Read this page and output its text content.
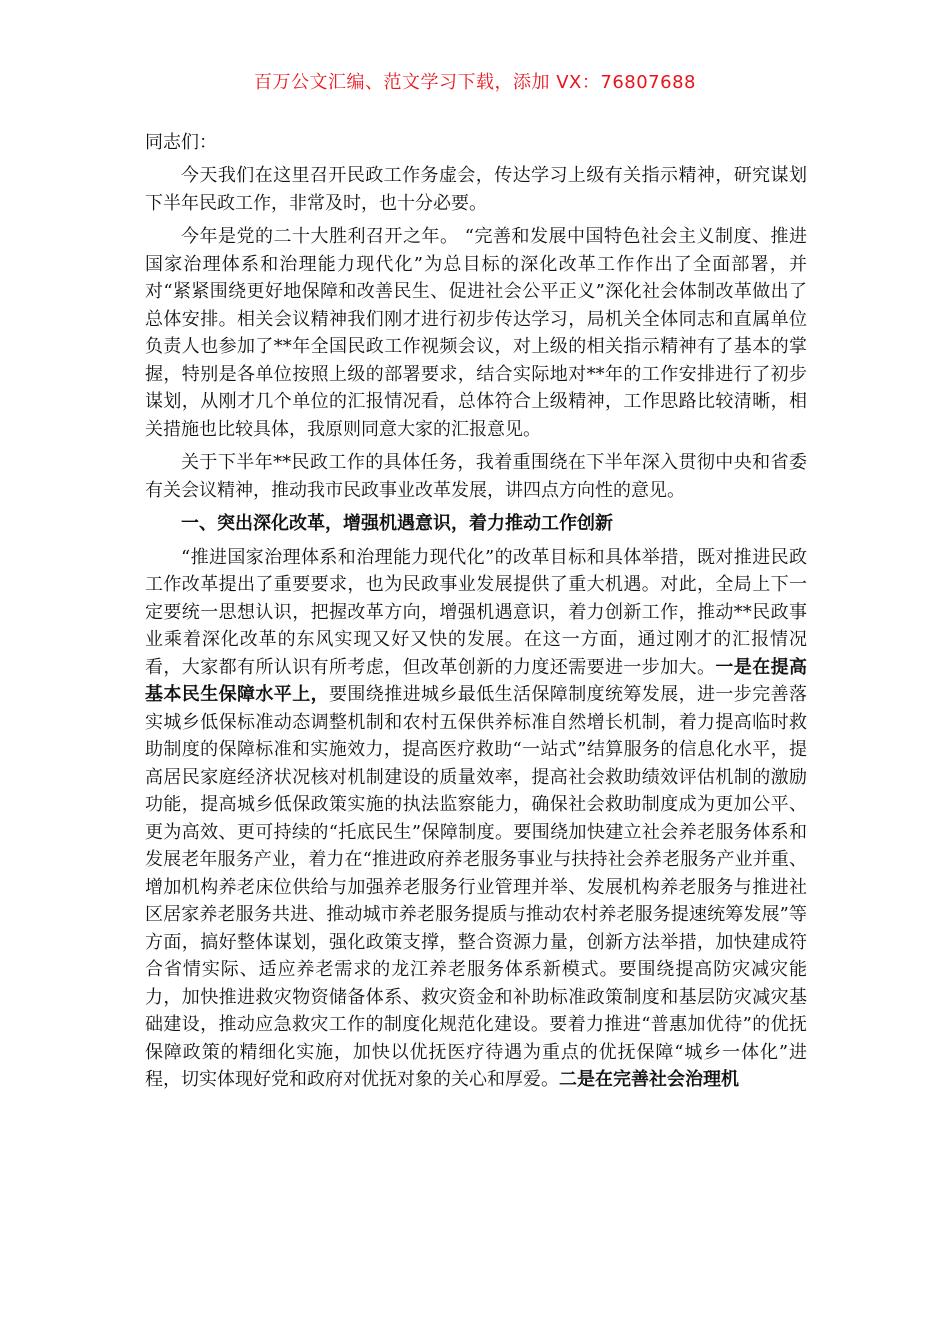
百万公文汇编、范文学习下载，添加 VX：76807688
同志们：

今天我们在这里召开民政工作务虚会，传达学习上级有关指示精神，研究谋划下半年民政工作，非常及时，也十分必要。

今年是党的二十大胜利召开之年。 “完善和发展中国特色社会主义制度、推进国家治理体系和治理能力现代化”为总目标的深化改革工作作出了全面部署，并对“紧紧围绕更好地保障和改善民生、促进社会公平正义”深化社会体制改革做出了总体安排。相关会议精神我们刚才进行初步传达学习，局机关全体同志和直属单位负责人也参加了**年全国民政工作视频会议，对上级的相关指示精神有了基本的掌握，特别是各单位按照上级的部署要求，结合实际地对**年的工作安排进行了初步谋划，从刚才几个单位的汇报情况看，总体符合上级精神，工作思路比较清晰，相关措施也比较具体，我原则同意大家的汇报意见。

关于下半年**民政工作的具体任务，我着重围绕在下半年深入贯彻中央和省委有关会议精神，推动我市民政事业改革发展，讲四点方向性的意见。

一、突出深化改革，增强机遇意识，着力推动工作创新

“推进国家治理体系和治理能力现代化”的改革目标和具体举措，既对推进民政工作改革提出了重要要求，也为民政事业发展提供了重大机遇。对此，全局上下一定要统一思想认识，把握改革方向，增强机遇意识，着力创新工作，推动**民政事业乘着深化改革的东风实现又好又快的发展。在这一方面，通过刚才的汇报情况看，大家都有所认识有所考虑，但改革创新的力度还需要进一步加大。一是在提高基本民生保障水平上，要围绕推进城乡最低生活保障制度统筹发展，进一步完善落实城乡低保标准动态调整机制和农村五保供养标准自然增长机制，着力提高临时救助制度的保障标准和实施效力，提高医疗救助“一站式”结算服务的信息化水平，提高居民家庭经济状况核对机制建设的质量效率，提高社会救助绩效评估机制的激励功能，提高城乡低保政策实施的执法监察能力，确保社会救助制度成为更加公平、更为高效、更可持续的“托底民生”保障制度。要围绕加快建立社会养老服务体系和发展老年服务产业，着力在“推进政府养老服务事业与扶持社会养老服务产业并重、增加机构养老床位供给与加强养老服务行业管理并举、发展机构养老服务与推进社区居家养老服务共进、推动城市养老服务提质与推动农村养老服务提速统筹发展”等方面，搞好整体谋划，强化政策支撑，整合资源力量，创新方法举措，加快建成符合省情实际、适应养老需求的龙江养老服务体系新模式。要围绕提高防灾减灾能力，加快推进救灾物资储备体系、救灾资金和补助标准政策制度和基层防灾减灾基础建设，推动应急救灾工作的制度化规范化建设。要着力推进“普惠加优待”的优抚保障政策的精细化实施，加快以优抚医疗待遇为重点的优抚保障“城乡一体化”进程，切实体现好党和政府对优抚对象的关心和厚爱。二是在完善社会治理机
